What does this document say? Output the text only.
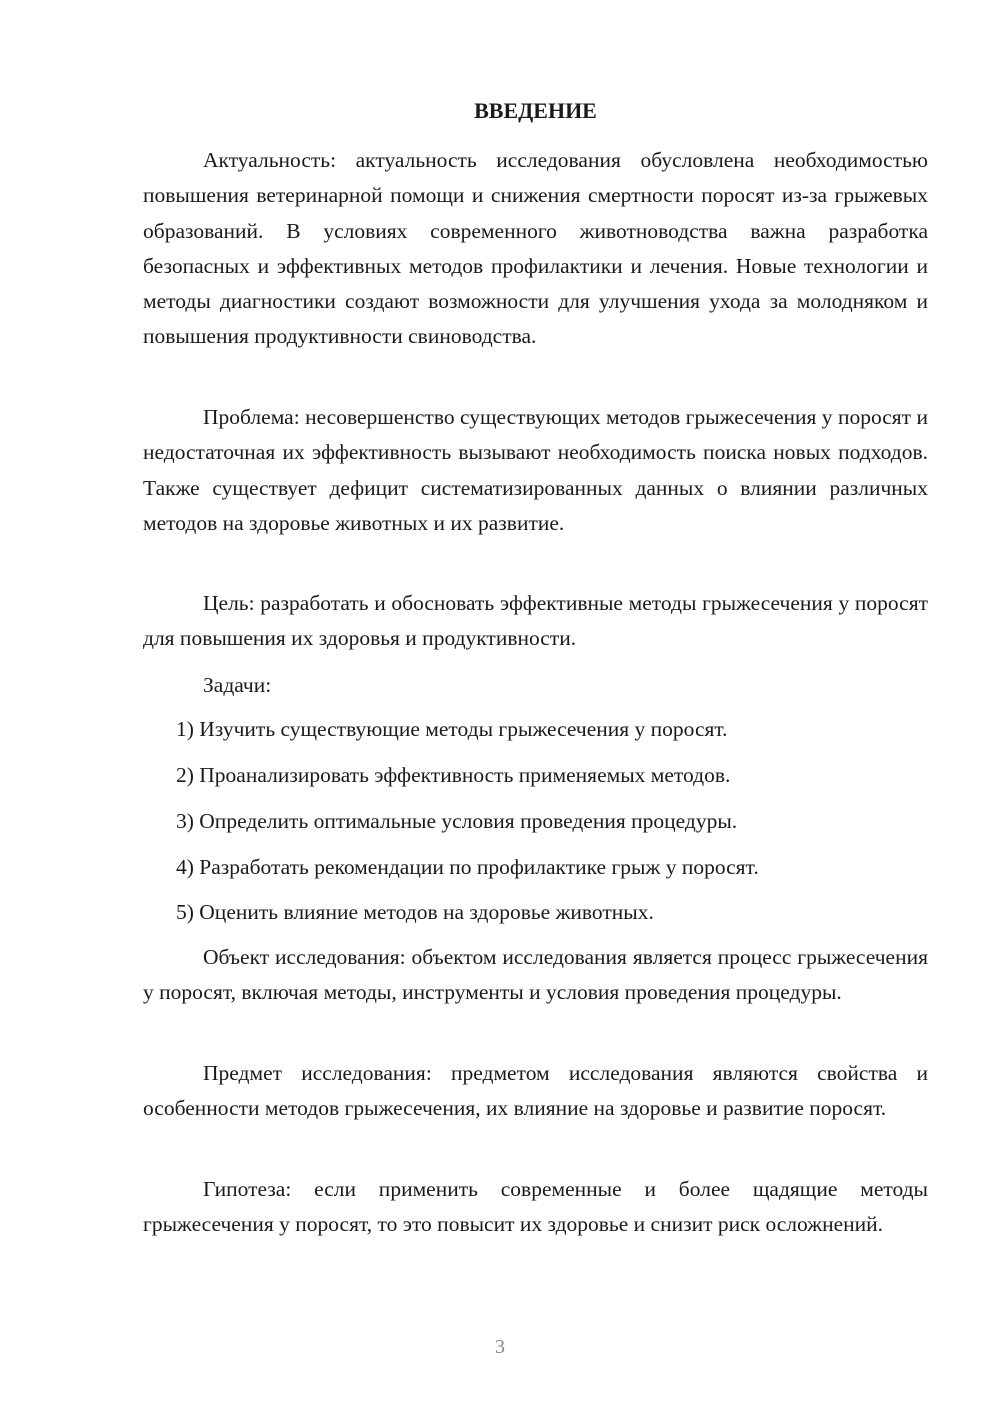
ВВЕДЕНИЕ

Актуальность: актуальность исследования обусловлена необходимостью повышения ветеринарной помощи и снижения смертности поросят из-за грыжевых образований. В условиях современного животноводства важна разработка безопасных и эффективных методов профилактики и лечения. Новые технологии и методы диагностики создают возможности для улучшения ухода за молодняком и повышения продуктивности свиноводства.

Проблема: несовершенство существующих методов грыжесечения у поросят и недостаточная их эффективность вызывают необходимость поиска новых подходов. Также существует дефицит систематизированных данных о влиянии различных методов на здоровье животных и их развитие.

Цель: разработать и обосновать эффективные методы грыжесечения у поросят для повышения их здоровья и продуктивности.

Задачи:

1) Изучить существующие методы грыжесечения у поросят.

2) Проанализировать эффективность применяемых методов.

3) Определить оптимальные условия проведения процедуры.

4) Разработать рекомендации по профилактике грыж у поросят.

5) Оценить влияние методов на здоровье животных.

Объект исследования: объектом исследования является процесс грыжесечения у поросят, включая методы, инструменты и условия проведения процедуры.

Предмет исследования: предметом исследования являются свойства и особенности методов грыжесечения, их влияние на здоровье и развитие поросят.

Гипотеза: если применить современные и более щадящие методы грыжесечения у поросят, то это повысит их здоровье и снизит риск осложнений.

3
